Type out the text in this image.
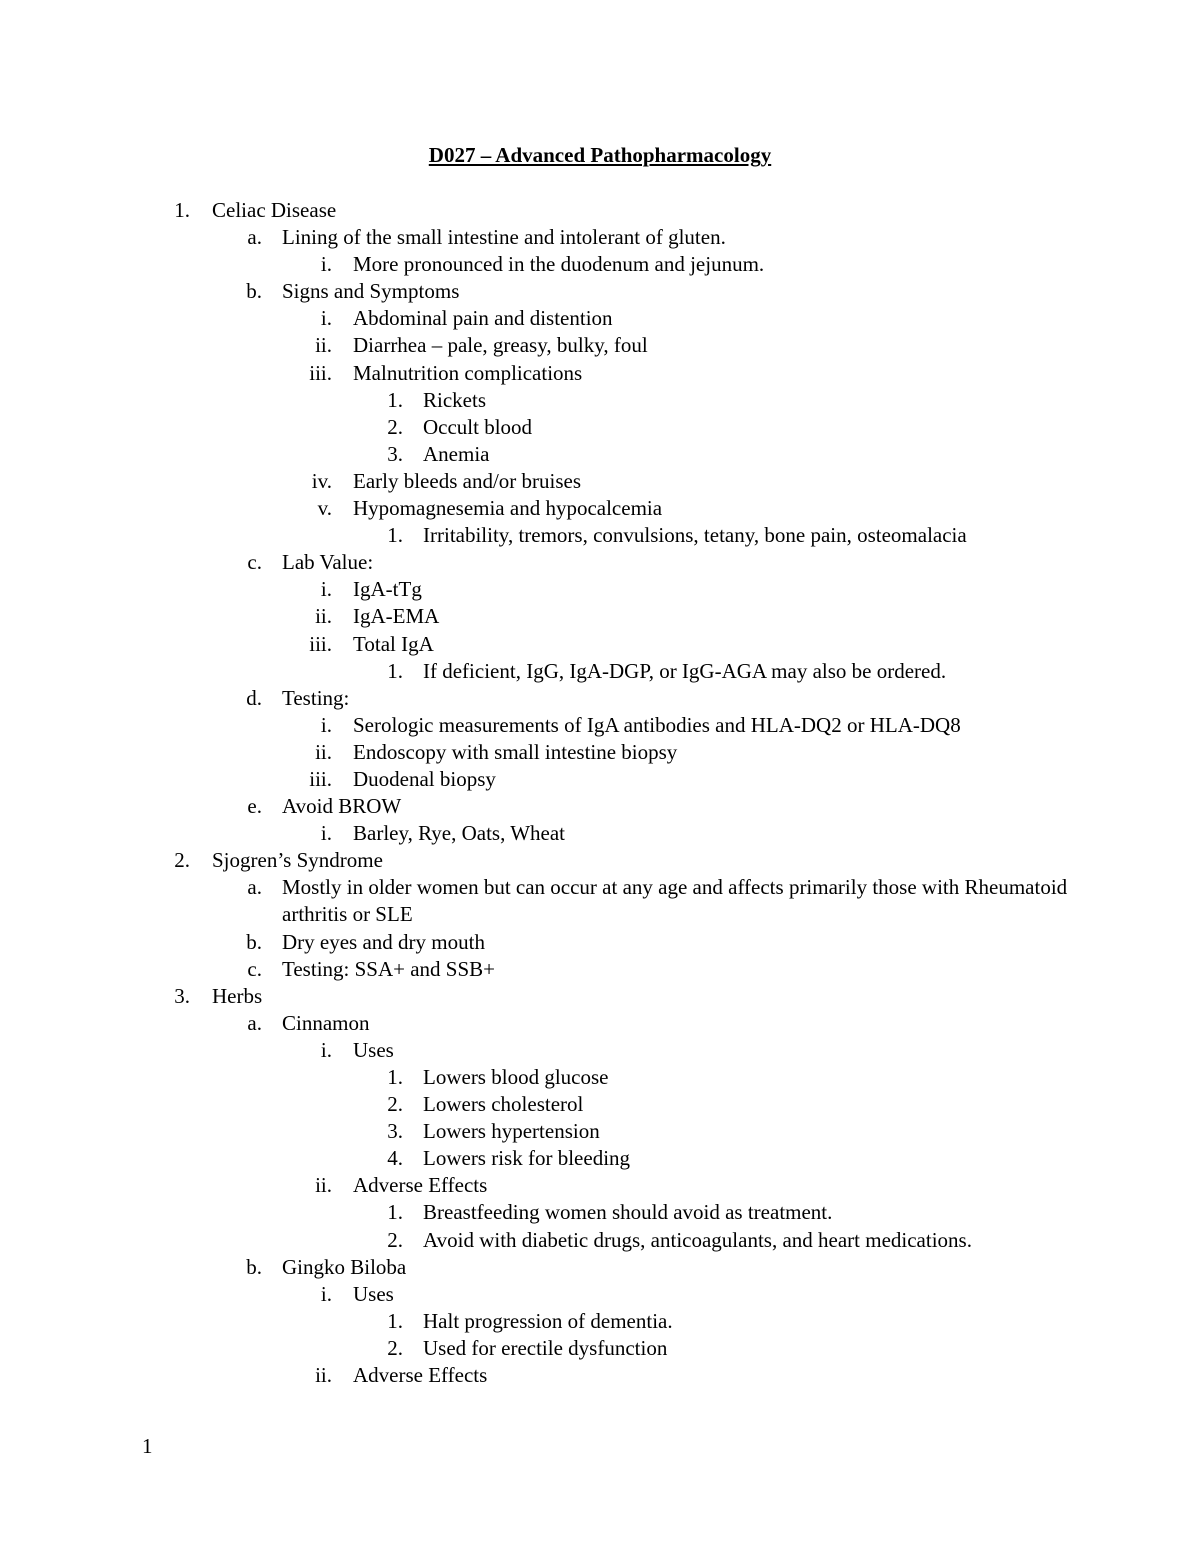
D027 – Advanced Pathopharmacology
1. Celiac Disease
a. Lining of the small intestine and intolerant of gluten.
i. More pronounced in the duodenum and jejunum.
b. Signs and Symptoms
i. Abdominal pain and distention
ii. Diarrhea – pale, greasy, bulky, foul
iii. Malnutrition complications
1. Rickets
2. Occult blood
3. Anemia
iv. Early bleeds and/or bruises
v. Hypomagnesemia and hypocalcemia
1. Irritability, tremors, convulsions, tetany, bone pain, osteomalacia
c. Lab Value:
i. IgA-tTg
ii. IgA-EMA
iii. Total IgA
1. If deficient, IgG, IgA-DGP, or IgG-AGA may also be ordered.
d. Testing:
i. Serologic measurements of IgA antibodies and HLA-DQ2 or HLA-DQ8
ii. Endoscopy with small intestine biopsy
iii. Duodenal biopsy
e. Avoid BROW
i. Barley, Rye, Oats, Wheat
2. Sjogren’s Syndrome
a. Mostly in older women but can occur at any age and affects primarily those with Rheumatoid arthritis or SLE
b. Dry eyes and dry mouth
c. Testing: SSA+ and SSB+
3. Herbs
a. Cinnamon
i. Uses
1. Lowers blood glucose
2. Lowers cholesterol
3. Lowers hypertension
4. Lowers risk for bleeding
ii. Adverse Effects
1. Breastfeeding women should avoid as treatment.
2. Avoid with diabetic drugs, anticoagulants, and heart medications.
b. Gingko Biloba
i. Uses
1. Halt progression of dementia.
2. Used for erectile dysfunction
ii. Adverse Effects
1
